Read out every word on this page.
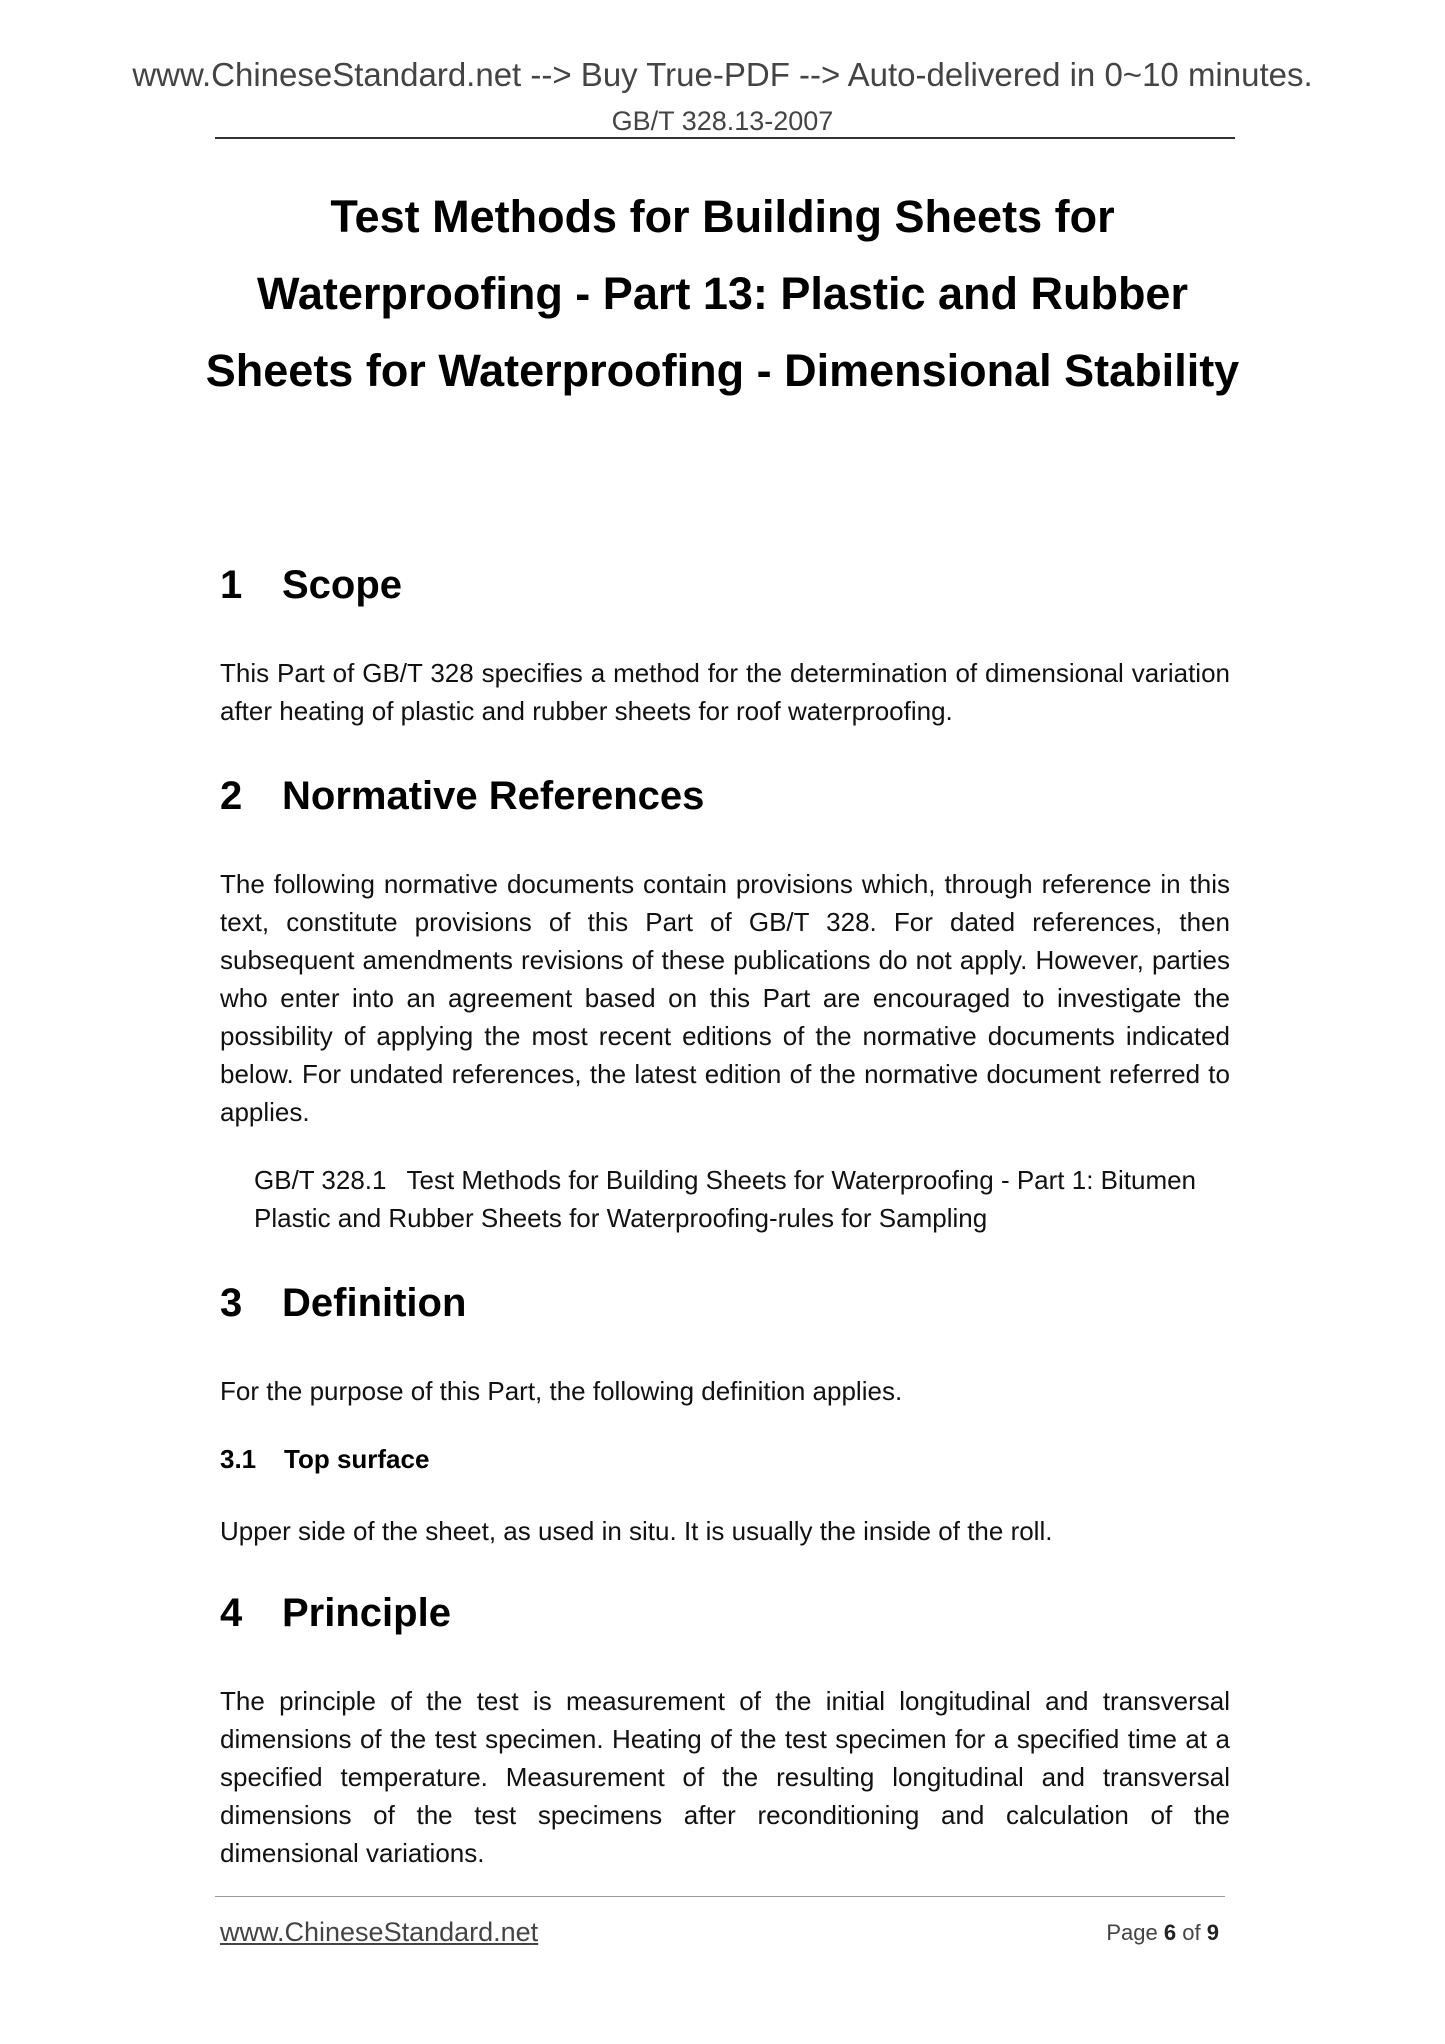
www.ChineseStandard.net --> Buy True-PDF --> Auto-delivered in 0~10 minutes.
GB/T 328.13-2007
Test Methods for Building Sheets for
Waterproofing - Part 13: Plastic and Rubber
Sheets for Waterproofing - Dimensional Stability
1 Scope
This Part of GB/T 328 specifies a method for the determination of dimensional variation after heating of plastic and rubber sheets for roof waterproofing.
2 Normative References
The following normative documents contain provisions which, through reference in this text, constitute provisions of this Part of GB/T 328. For dated references, then subsequent amendments revisions of these publications do not apply. However, parties who enter into an agreement based on this Part are encouraged to investigate the possibility of applying the most recent editions of the normative documents indicated below. For undated references, the latest edition of the normative document referred to applies.
GB/T 328.1 Test Methods for Building Sheets for Waterproofing - Part 1: Bitumen Plastic and Rubber Sheets for Waterproofing-rules for Sampling
3 Definition
For the purpose of this Part, the following definition applies.
3.1 Top surface
Upper side of the sheet, as used in situ. It is usually the inside of the roll.
4 Principle
The principle of the test is measurement of the initial longitudinal and transversal dimensions of the test specimen. Heating of the test specimen for a specified time at a specified temperature. Measurement of the resulting longitudinal and transversal dimensions of the test specimens after reconditioning and calculation of the dimensional variations.
www.ChineseStandard.net	Page 6 of 9
